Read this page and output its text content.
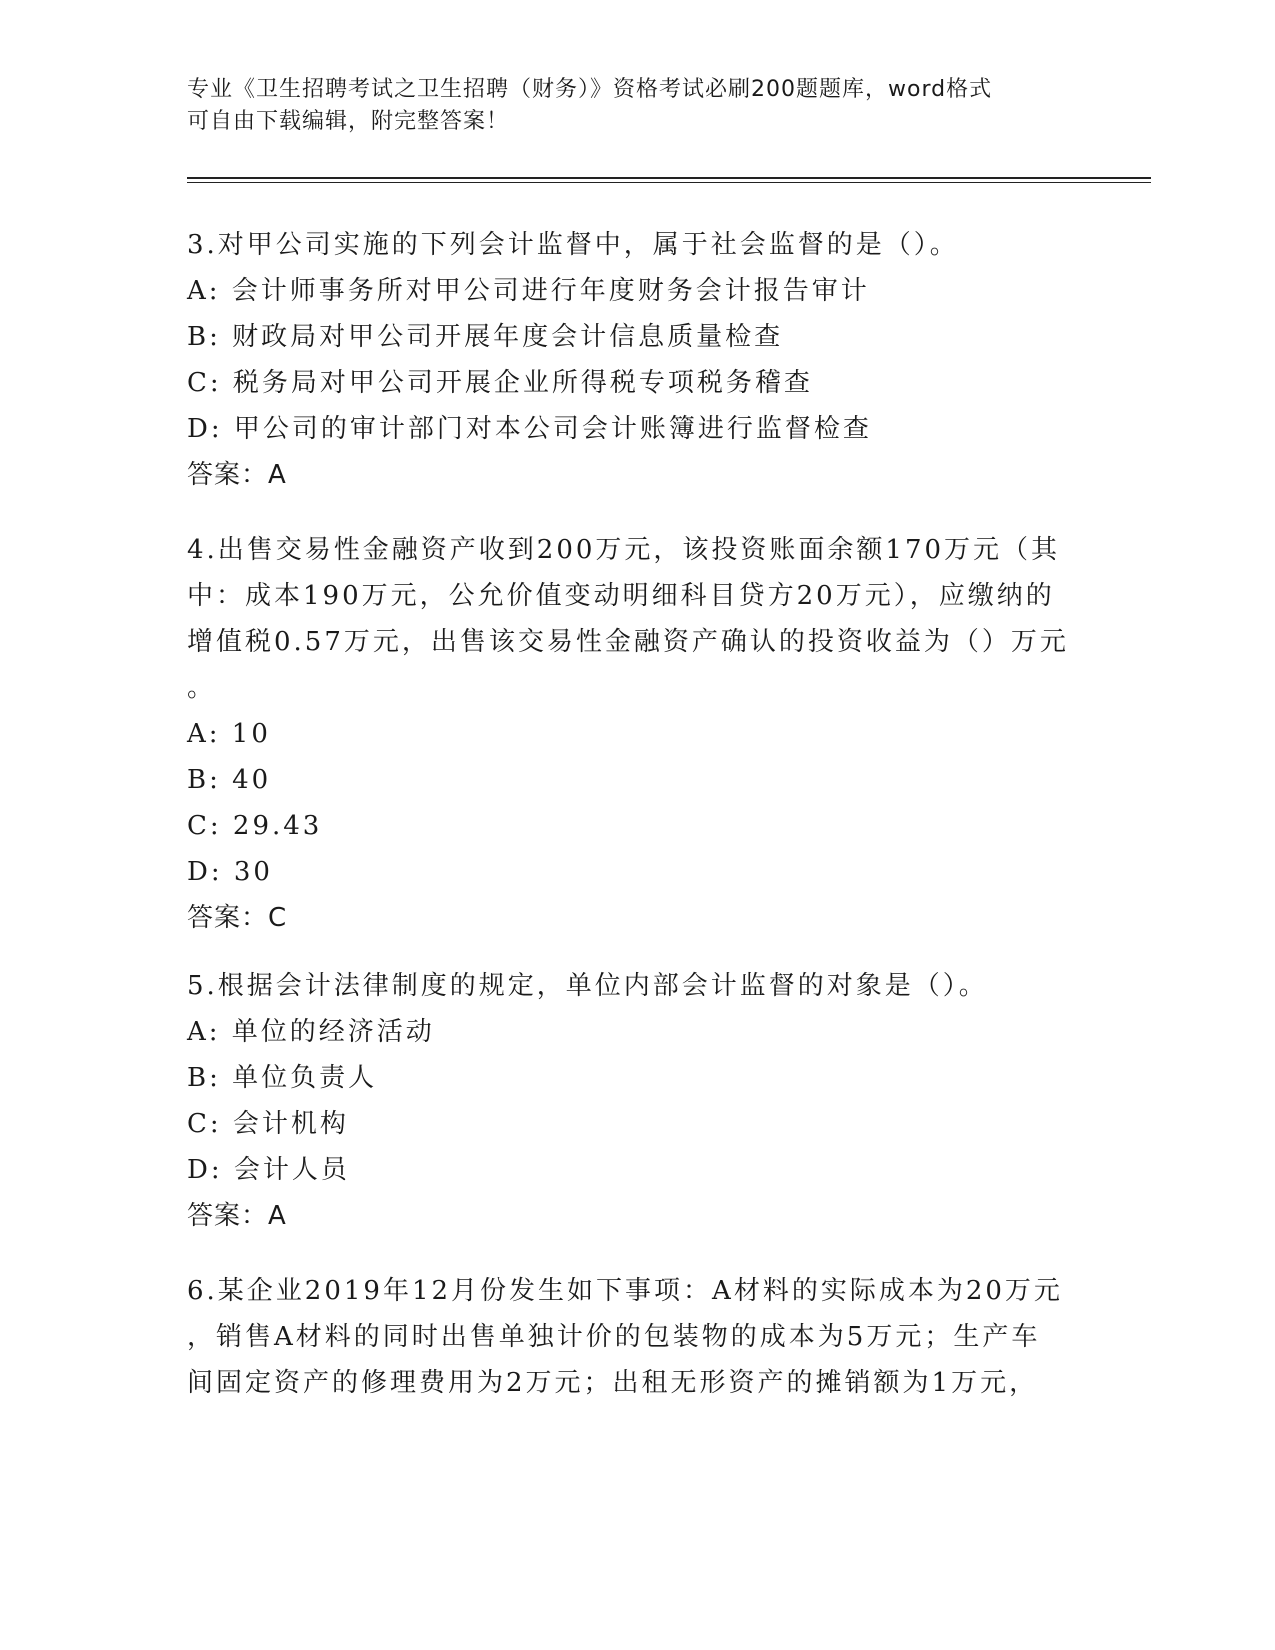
专业《卫生招聘考试之卫生招聘（财务）》资格考试必刷200题题库，word格式
可自由下载编辑，附完整答案！
3.对甲公司实施的下列会计监督中，属于社会监督的是（）。
A: 会计师事务所对甲公司进行年度财务会计报告审计
B: 财政局对甲公司开展年度会计信息质量检查
C: 税务局对甲公司开展企业所得税专项税务稽查
D: 甲公司的审计部门对本公司会计账簿进行监督检查
答案：A
4.出售交易性金融资产收到200万元，该投资账面余额170万元（其
中：成本190万元，公允价值变动明细科目贷方20万元），应缴纳的
增值税0.57万元，出售该交易性金融资产确认的投资收益为（）万元
。
A: 10
B: 40
C: 29.43
D: 30
答案：C
5.根据会计法律制度的规定，单位内部会计监督的对象是（）。
A: 单位的经济活动
B: 单位负责人
C: 会计机构
D: 会计人员
答案：A
6.某企业2019年12月份发生如下事项：A材料的实际成本为20万元
，销售A材料的同时出售单独计价的包装物的成本为5万元；生产车
间固定资产的修理费用为2万元；出租无形资产的摊销额为1万元，
